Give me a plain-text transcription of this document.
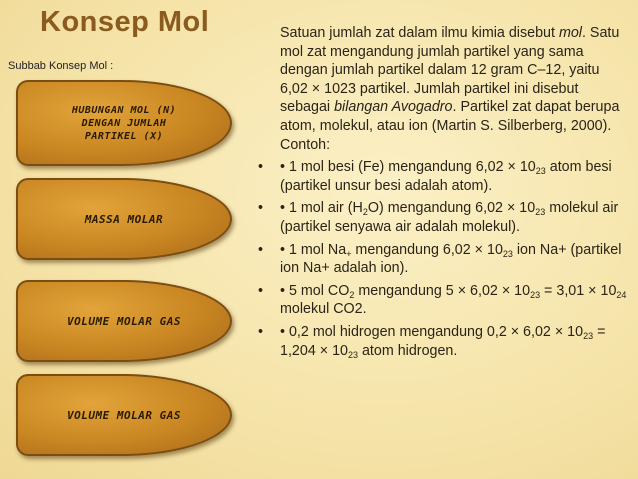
Konsep Mol
Subbab Konsep Mol :
HUBUNGAN MOL (N)
DENGAN JUMLAH
PARTIKEL (X)
MASSA MOLAR
VOLUME MOLAR GAS
VOLUME MOLAR GAS

Satuan jumlah zat dalam ilmu kimia disebut mol. Satu mol zat mengandung jumlah partikel yang sama dengan jumlah partikel dalam 12 gram C–12, yaitu 6,02 × 1023 partikel. Jumlah partikel ini disebut sebagai bilangan Avogadro. Partikel zat dapat berupa atom, molekul, atau ion (Martin S. Silberberg, 2000). Contoh:

• • 1 mol besi (Fe) mengandung $6,02 \times 10_{23}$ atom besi (partikel unsur besi adalah atom).
• • 1 mol air $(H_2O)$ mengandung $6,02 \times 10_{23}$ molekul air (partikel senyawa air adalah molekul).
• • 1 mol $Na_+$ mengandung $6,02 \times 10_{23}$ ion Na+ (partikel ion Na+ adalah ion).
• • 5 mol $CO_2$ mengandung $5 \times 6,02 \times 10_{23} = 3,01 \times 10_{24}$ molekul CO2.
• • 0,2 mol hidrogen mengandung $0,2 \times 6,02 \times 10_{23} = 1,204 \times 10_{23}$ atom hidrogen.
